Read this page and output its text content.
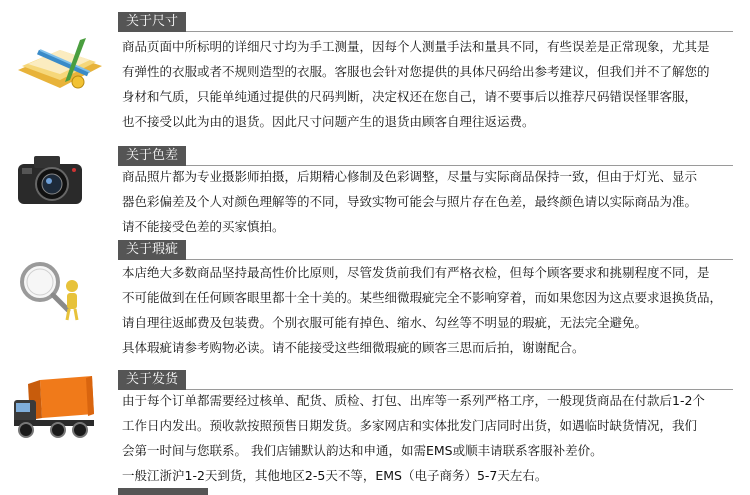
关于尺寸

商品页面中所标明的详细尺寸均为手工测量，因每个人测量手法和量具不同，有些误差是正常现象，尤其是

有弹性的衣服或者不规则造型的衣服。客服也会针对您提供的具体尺码给出参考建议，但我们并不了解您的

身材和气质，只能单纯通过提供的尺码判断，决定权还在您自己，请不要事后以推荐尺码错误怪罪客服，

也不接受以此为由的退货。因此尺寸问题产生的退货由顾客自理往返运费。

关于色差

商品照片都为专业摄影师拍摄，后期精心修制及色彩调整，尽量与实际商品保持一致，但由于灯光、显示

器色彩偏差及个人对颜色理解等的不同，导致实物可能会与照片存在色差，最终颜色请以实际商品为准。

请不能接受色差的买家慎拍。

关于瑕疵

本店绝大多数商品坚持最高性价比原则，尽管发货前我们有严格衣检，但每个顾客要求和挑剔程度不同，是

不可能做到在任何顾客眼里都十全十美的。某些细微瑕疵完全不影响穿着，而如果您因为这点要求退换货品，

请自理往返邮费及包装费。个别衣服可能有掉色、缩水、勾丝等不明显的瑕疵，无法完全避免。

具体瑕疵请参考购物必读。请不能接受这些细微瑕疵的顾客三思而后拍，谢谢配合。

关于发货

由于每个订单都需要经过核单、配货、质检、打包、出库等一系列严格工序，一般现货商品在付款后1-2个

工作日内发出。预收款按照预售日期发货。多家网店和实体批发门店同时出货，如遇临时缺货情况，我们

会第一时间与您联系。 我们店铺默认韵达和申通，如需EMS或顺丰请联系客服补差价。

一般江浙沪1-2天到货，其他地区2-5天不等，EMS（电子商务）5-7天左右。
